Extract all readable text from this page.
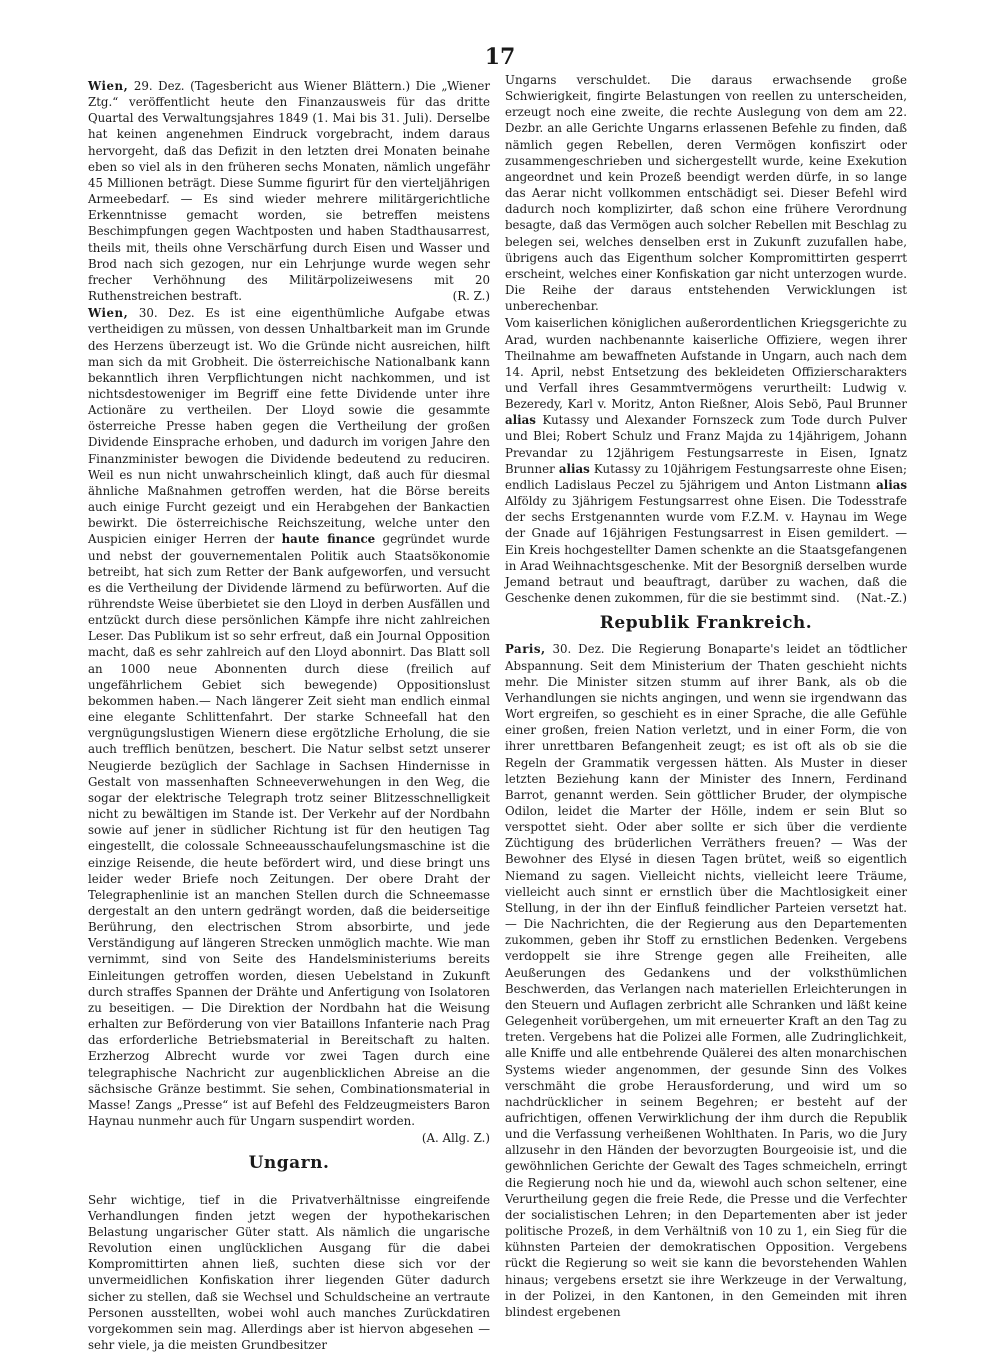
17

Wien, 29. Dez. (Tagesbericht aus Wiener Blättern.) Die „Wiener Ztg.“ veröffentlicht heute den Finanzausweis für das dritte Quartal des Verwaltungsjahres 1849 (1. Mai bis 31. Juli). Derselbe hat keinen angenehmen Eindruck vorgebracht, indem daraus hervorgeht, daß das Defizit in den letzten drei Monaten beinahe eben so viel als in den früheren sechs Monaten, nämlich ungefähr 45 Millionen beträgt. Diese Summe figurirt für den vierteljährigen Armeebedarf. — Es sind wieder mehrere militärgerichtliche Erkenntnisse gemacht worden, sie betreffen meistens Beschimpfungen gegen Wachtposten und haben Stadthausarrest, theils mit, theils ohne Verschärfung durch Eisen und Wasser und Brod nach sich gezogen, nur ein Lehrjunge wurde wegen sehr frecher Verhöhnung des Militärpolizeiwesens mit 20 Ruthenstreichen bestraft.	(R. Z.)

Wien, 30. Dez. Es ist eine eigenthümliche Aufgabe etwas vertheidigen zu müssen, von dessen Unhaltbarkeit man im Grunde des Herzens überzeugt ist. Wo die Gründe nicht ausreichen, hilft man sich da mit Grobheit. Die österreichische Nationalbank kann bekanntlich ihren Verpflichtungen nicht nachkommen, und ist nichtsdestoweniger im Begriff eine fette Dividende unter ihre Actionäre zu vertheilen. Der Lloyd sowie die gesammte österreiche Presse haben gegen die Vertheilung der großen Dividende Einsprache erhoben, und dadurch im vorigen Jahre den Finanzminister bewogen die Dividende bedeutend zu reduciren. Weil es nun nicht unwahrscheinlich klingt, daß auch für diesmal ähnliche Maßnahmen getroffen werden, hat die Börse bereits auch einige Furcht gezeigt und ein Herabgehen der Bankactien bewirkt. Die österreichische Reichszeitung, welche unter den Auspicien einiger Herren der haute finance gegründet wurde und nebst der gouvernementalen Politik auch Staatsökonomie betreibt, hat sich zum Retter der Bank aufgeworfen, und versucht es die Vertheilung der Dividende lärmend zu befürworten. Auf die rührendste Weise überbietet sie den Lloyd in derben Ausfällen und entzückt durch diese persönlichen Kämpfe ihre nicht zahlreichen Leser. Das Publikum ist so sehr erfreut, daß ein Journal Opposition macht, daß es sehr zahlreich auf den Lloyd abonnirt. Das Blatt soll an 1000 neue Abonnenten durch diese (freilich auf ungefährlichem Gebiet sich bewegende) Oppositionslust bekommen haben.— Nach längerer Zeit sieht man endlich einmal eine elegante Schlittenfahrt. Der starke Schneefall hat den vergnügungslustigen Wienern diese ergötzliche Erholung, die sie auch trefflich benützen, beschert. Die Natur selbst setzt unserer Neugierde bezüglich der Sachlage in Sachsen Hindernisse in Gestalt von massenhaften Schneeverwehungen in den Weg, die sogar der elektrische Telegraph trotz seiner Blitzesschnelligkeit nicht zu bewältigen im Stande ist. Der Verkehr auf der Nordbahn sowie auf jener in südlicher Richtung ist für den heutigen Tag eingestellt, die colossale Schneeausschaufelungsmaschine ist die einzige Reisende, die heute befördert wird, und diese bringt uns leider weder Briefe noch Zeitungen. Der obere Draht der Telegraphenlinie ist an manchen Stellen durch die Schneemasse dergestalt an den untern gedrängt worden, daß die beiderseitige Berührung, den electrischen Strom absorbirte, und jede Verständigung auf längeren Strecken unmöglich machte. Wie man vernimmt, sind von Seite des Handelsministeriums bereits Einleitungen getroffen worden, diesen Uebelstand in Zukunft durch straffes Spannen der Drähte und Anfertigung von Isolatoren zu beseitigen. — Die Direktion der Nordbahn hat die Weisung erhalten zur Beförderung von vier Bataillons Infanterie nach Prag das erforderliche Betriebsmaterial in Bereitschaft zu halten. Erzherzog Albrecht wurde vor zwei Tagen durch eine telegraphische Nachricht zur augenblicklichen Abreise an die sächsische Gränze bestimmt. Sie sehen, Combinationsmaterial in Masse! Zangs „Presse“ ist auf Befehl des Feldzeugmeisters Baron Haynau nunmehr auch für Ungarn suspendirt worden.

(A. Allg. Z.)

Ungarn.

Sehr wichtige, tief in die Privatverhältnisse eingreifende Verhandlungen finden jetzt wegen der hypothekarischen Belastung ungarischer Güter statt. Als nämlich die ungarische Revolution einen unglücklichen Ausgang für die dabei Kompromittirten ahnen ließ, suchten diese sich vor der unvermeidlichen Konfiskation ihrer liegenden Güter dadurch sicher zu stellen, daß sie Wechsel und Schuldscheine an vertraute Personen ausstellten, wobei wohl auch manches Zurückdatiren vorgekommen sein mag. Allerdings aber ist hiervon abgesehen — sehr viele, ja die meisten Grundbesitzer

Ungarns verschuldet. Die daraus erwachsende große Schwierigkeit, fingirte Belastungen von reellen zu unterscheiden, erzeugt noch eine zweite, die rechte Auslegung von dem am 22. Dezbr. an alle Gerichte Ungarns erlassenen Befehle zu finden, daß nämlich gegen Rebellen, deren Vermögen konfiszirt oder zusammengeschrieben und sichergestellt wurde, keine Exekution angeordnet und kein Prozeß beendigt werden dürfe, in so lange das Aerar nicht vollkommen entschädigt sei. Dieser Befehl wird dadurch noch komplizirter, daß schon eine frühere Verordnung besagte, daß das Vermögen auch solcher Rebellen mit Beschlag zu belegen sei, welches denselben erst in Zukunft zuzufallen habe, übrigens auch das Eigenthum solcher Kompromittirten gesperrt erscheint, welches einer Konfiskation gar nicht unterzogen wurde. Die Reihe der daraus entstehenden Verwicklungen ist unberechenbar.

Vom kaiserlichen königlichen außerordentlichen Kriegsgerichte zu Arad, wurden nachbenannte kaiserliche Offiziere, wegen ihrer Theilnahme am bewaffneten Aufstande in Ungarn, auch nach dem 14. April, nebst Entsetzung des bekleideten Offizierscharakters und Verfall ihres Gesammtvermögens verurtheilt: Ludwig v. Bezeredy, Karl v. Moritz, Anton Rießner, Alois Sebö, Paul Brunner alias Kutassy und Alexander Fornszeck zum Tode durch Pulver und Blei; Robert Schulz und Franz Majda zu 14jährigem, Johann Prevandar zu 12jährigem Festungsarreste in Eisen, Ignatz Brunner alias Kutassy zu 10jährigem Festungsarreste ohne Eisen; endlich Ladislaus Peczel zu 5jährigem und Anton Listmann alias Alföldy zu 3jährigem Festungsarrest ohne Eisen. Die Todesstrafe der sechs Erstgenannten wurde vom F.Z.M. v. Haynau im Wege der Gnade auf 16jährigen Festungsarrest in Eisen gemildert. — Ein Kreis hochgestellter Damen schenkte an die Staatsgefangenen in Arad Weihnachtsgeschenke. Mit der Besorgniß derselben wurde Jemand betraut und beauftragt, darüber zu wachen, daß die Geschenke denen zukommen, für die sie bestimmt sind. (Nat.-Z.)

Republik Frankreich.

Paris, 30. Dez. Die Regierung Bonaparte's leidet an tödtlicher Abspannung. Seit dem Ministerium der Thaten geschieht nichts mehr. Die Minister sitzen stumm auf ihrer Bank, als ob die Verhandlungen sie nichts angingen, und wenn sie irgendwann das Wort ergreifen, so geschieht es in einer Sprache, die alle Gefühle einer großen, freien Nation verletzt, und in einer Form, die von ihrer unrettbaren Befangenheit zeugt; es ist oft als ob sie die Regeln der Grammatik vergessen hätten. Als Muster in dieser letzten Beziehung kann der Minister des Innern, Ferdinand Barrot, genannt werden. Sein göttlicher Bruder, der olympische Odilon, leidet die Marter der Hölle, indem er sein Blut so verspottet sieht. Oder aber sollte er sich über die verdiente Züchtigung des brüderlichen Verräthers freuen? — Was der Bewohner des Elysé in diesen Tagen brütet, weiß so eigentlich Niemand zu sagen. Vielleicht nichts, vielleicht leere Träume, vielleicht auch sinnt er ernstlich über die Machtlosigkeit einer Stellung, in der ihn der Einfluß feindlicher Parteien versetzt hat. — Die Nachrichten, die der Regierung aus den Departementen zukommen, geben ihr Stoff zu ernstlichen Bedenken. Vergebens verdoppelt sie ihre Strenge gegen alle Freiheiten, alle Aeußerungen des Gedankens und der volksthümlichen Beschwerden, das Verlangen nach materiellen Erleichterungen in den Steuern und Auflagen zerbricht alle Schranken und läßt keine Gelegenheit vorübergehen, um mit erneuerter Kraft an den Tag zu treten. Vergebens hat die Polizei alle Formen, alle Zudringlichkeit, alle Kniffe und alle entbehrende Quälerei des alten monarchischen Systems wieder angenommen, der gesunde Sinn des Volkes verschmäht die grobe Herausforderung, und wird um so nachdrücklicher in seinem Begehren; er besteht auf der aufrichtigen, offenen Verwirklichung der ihm durch die Republik und die Verfassung verheißenen Wohlthaten. In Paris, wo die Jury allzusehr in den Händen der bevorzugten Bourgeoisie ist, und die gewöhnlichen Gerichte der Gewalt des Tages schmeicheln, erringt die Regierung noch hie und da, wiewohl auch schon seltener, eine Verurtheilung gegen die freie Rede, die Presse und die Verfechter der socialistischen Lehren; in den Departementen aber ist jeder politische Prozeß, in dem Verhältniß von 10 zu 1, ein Sieg für die kühnsten Parteien der demokratischen Opposition. Vergebens rückt die Regierung so weit sie kann die bevorstehenden Wahlen hinaus; vergebens ersetzt sie ihre Werkzeuge in der Verwaltung, in der Polizei, in den Kantonen, in den Gemeinden mit ihren blindest ergebenen
